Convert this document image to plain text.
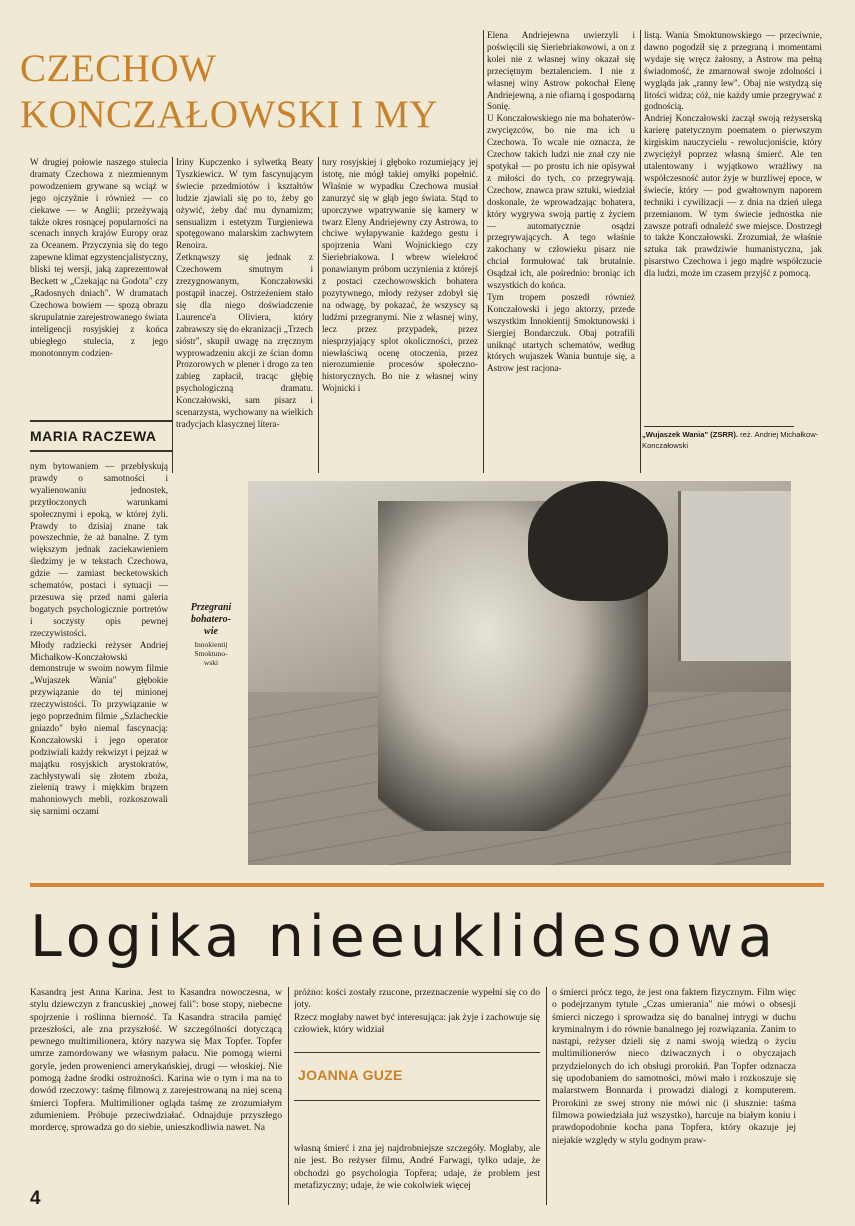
CZECHOW
KONCZAŁOWSKI I MY
W drugiej połowie naszego stulecia dramaty Czechowa z niezmiennym powodzeniem grywane są wciąż w jego ojczyźnie i również — co ciekawe — w Anglii; przeżywają także okres rosnącej popularności na scenach innych krajów Europy oraz za Oceanem. Przyczynia się do tego zapewne klimat egzystencjalistyczny, bliski tej wersji, jaką zaprezentował Beckett w „Czekając na Godota" czy „Radosnych dniach". W dramatach Czechowa bowiem — spozą obrazu skrupulatnie zarejestrowanego świata inteligencji rosyjskiej z końca ubiegłego stulecia, z jego monotonnym codzien-
MARIA RACZEWA
nym bytowaniem — przebłyskują prawdy o samotności i wyalienowaniu jednostek, przytłoczonych warunkami społecznymi i epoką, w której żyli. Prawdy to dzisiaj znane tak powszechnie, że aż banalne. Z tym większym jednak zaciekawieniem śledzimy je w tekstach Czechowa, gdzie — zamiast becketowskich schematów, postaci i sytuacji — przesuwa się przed nami galeria bogatych psychologicznie portretów i soczysty opis pewnej rzeczywistości.
Młody radziecki reżyser Andriej Michałkow-Konczałowski demonstruje w swoim nowym filmie „Wujaszek Wania" głębokie przywiązanie do tej minionej rzeczywistości. To przywiązanie w jego poprzednim filmie „Szlacheckie gniazdo" było niemal fascynacją: Konczałowski i jego operator podziwiali każdy rekwizyt i pejzaż w majątku rosyjskich arystokratów, zachłystywali się złotem zboża, zielenią trawy i miękkim brązem mahoniowych mebli, rozkoszowali się sarnimi oczami
Iriny Kupczenko i sylwetką Beaty Tyszkiewicz. W tym fascynującym świecie przedmiotów i kształtów ludzie zjawiali się po to, żeby go ożywić, żeby dać mu dynamizm; sensualizm i estetyzm Turgieniewa spotęgowano malarskim zachwytem Renoira.
Zetknąwszy się jednak z Czechowem smutnym i zrezygnowanym, Konczałowski postąpił inaczej. Ostrzeżeniem stało się dla niego doświadczenie Laurence'a Oliviera, który zabrawszy się do ekranizacji „Trzech sióstr", skupił uwagę na zręcznym wyprowadzeniu akcji ze ścian domu Prozorowych w plener i drogo za ten zabieg zapłacił, tracąc głębię psychologiczną dramatu. Konczałowski, sam pisarz i scenarzysta, wychowany na wielkich tradycjach klasycznej litera-
tury rosyjskiej i głęboko rozumiejący jej istotę, nie mógł takiej omyłki popełnić. Właśnie w wypadku Czechowa musiał zanurzyć się w głąb jego świata. Stąd to uporczywe wpatrywanie się kamery w twarz Eleny Andriejewny czy Astrowa, to chciwe wyłapywanie każdego gestu i spojrzenia Wani Wojnickiego czy Sieriebriakowa. I wbrew wielekroć ponawianym próbom uczynienia z którejś z postaci czechowowskich bohatera pozytywnego, młody reżyser zdobył się na odwagę, by pokazać, że wszyscy są ludźmi przegranymi. Nie z własnej winy, lecz przez przypadek, przez niesprzyjający splot okoliczności, przez niewłaściwą ocenę otoczenia, przez nierozumienie procesów społeczno-historycznych. Bo nie z własnej winy Wojnicki i
Elena Andriejewna uwierzyli i poświęcili się Sieriebriakowowi, a on z kolei nie z własnej winy okazał się przeciętnym beztalenciem. I nie z własnej winy Astrow pokochał Elenę Andriejewną, a nie ofiarną i gospodarną Sonię.
U Konczałowskiego nie ma bohaterów-zwycięzców, bo nie ma ich u Czechowa. To wcale nie oznacza, że Czechow takich ludzi nie znał czy nie spotykał — po prostu ich nie opisywał z miłości do tych, co przegrywają. Czechow, znawca praw sztuki, wiedział doskonale, że wprowadzając bohatera, który wygrywa swoją partię z życiem — automatycznie osądzi przegrywających. A tego właśnie zakochany w człowieku pisarz nie chciał formułować tak brutalnie. Osądzał ich, ale pośrednio: broniąc ich wszystkich do końca.
Tym tropem poszedł również Konczałowski i jego aktorzy, przede wszystkim Innokientij Smoktunowski i Siergiej Bondarczuk. Obaj potrafili uniknąć utartych schematów, według których wujaszek Wania buntuje się, a Astrow jest racjona-
listą. Wania Smoktunowskiego — przeciwnie, dawno pogodził się z przegraną i momentami wydaje się wręcz żałosny, a Astrow ma pełną świadomość, że zmarnował swoje zdolności i wygląda jak „ranny lew". Obaj nie wstydzą się litości widza; cóż, nie każdy umie przegrywać z godnością.
Andriej Konczałowski zaczął swoją reżyserską karierę patetycznym poematem o pierwszym kirgiskim nauczycielu - rewolucjoniście, który zwyciężył poprzez własną śmierć. Ale ten utalentowany i wyjątkowo wrażliwy na współczesność autor żyje w burzliwej epoce, w świecie, który — pod gwałtownym naporem techniki i cywilizacji — z dnia na dzień ulega przemianom. W tym świecie jednostka nie zawsze potrafi odnaleźć swe miejsce. Dostrzegł to także Konczałowski. Zrozumiał, że właśnie sztuka tak prawdziwie humanistyczna, jak pisarstwo Czechowa i jego mądre współczucie dla ludzi, może im czasem przyjść z pomocą.
„Wujaszek Wania" (ZSRR). reż. Andriej Michałkow-Konczałowski
Przegrani
bohatero-
wie
Innokientij
Smoktuno-
wski
Logika nieeuklidesowa
Kasandrą jest Anna Karina. Jest to Kasandra nowoczesna, w stylu dziewczyn z francuskiej „nowej fali": bose stopy, niebecne spojrzenie i roślinna bierność. Ta Kasandra straciła pamięć przeszłości, ale zna przyszłość. W szczególności dotyczącą pewnego multimilionera, który nazywa się Max Topfer. Topfer umrze zamordowany we własnym pałacu. Nie pomogą wierni goryle, jeden prowenienci amerykańskiej, drugi — włoskiej. Nie pomogą żadne środki ostrożności. Karina wie o tym i ma na to dowód rzeczowy: taśmę filmową z zarejestrowaną na niej sceną śmierci Topfera. Multimilioner ogląda taśmę ze zrozumiałym zdumieniem. Próbuje przeciwdziałać. Odnajduje przyszłego mordercę, sprowadza go do siebie, unieszkodliwia nawet. Na
próżno: kości zostały rzucone, przeznaczenie wypełni się co do joty.
Rzecz mogłaby nawet być interesująca: jak żyje i zachowuje się człowiek, który widział
JOANNA GUZE
własną śmierć i zna jej najdrobniejsze szczegóły. Mogłaby, ale nie jest. Bo reżyser filmu, André Farwagi, tylko udaje, że obchodzi go psychologia Topfera; udaje, że problem jest metafizyczny; udaje, że wie cokolwiek więcej
o śmierci prócz tego, że jest ona faktem fizycznym. Film więc o podejrzanym tytule „Czas umierania" nie mówi o obsesji śmierci niczego i sprowadza się do banalnej intrygi w duchu kryminalnym i do równie banalnego jej rozwiązania. Zanim to nastąpi, reżyser dzieli się z nami swoją wiedzą o życiu multimilionerów nieco dziwacznych i o obyczajach przydzielonych do ich obsługi prorokiń. Pan Topfer odznacza się upodobaniem do samotności, mówi mało i rozkoszuje się malarstwem Bonnarda i prowadzi dialogi z komputerem. Prorokini ze swej strony nie mówi nic (i słusznie: taśma filmowa powiedziała już wszystko), harcuje na białym koniu i prawdopodobnie kocha pana Topfera, który okazuje jej niejakie względy w stylu godnym praw-
4
